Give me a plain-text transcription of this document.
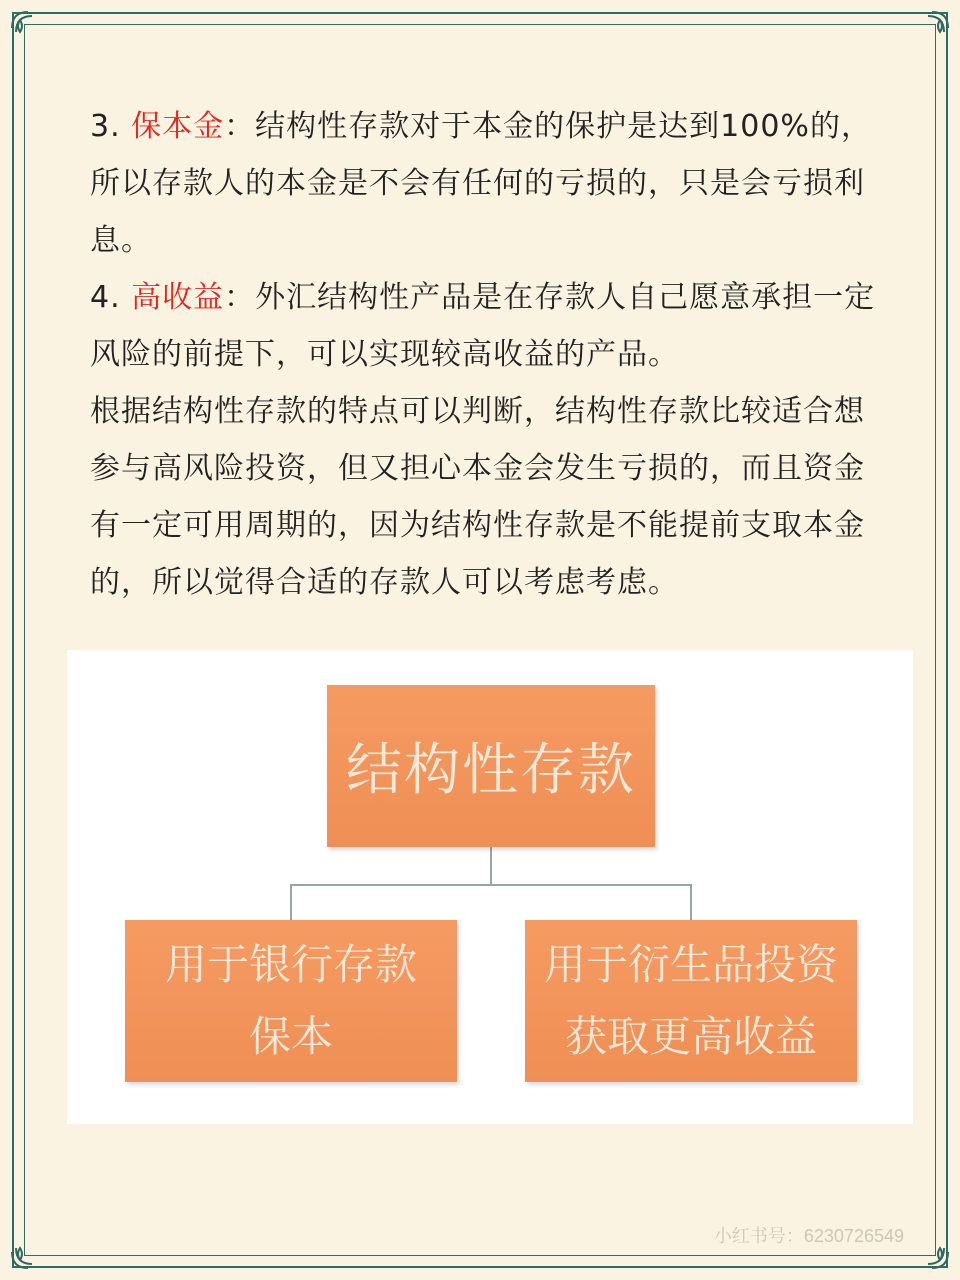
3. 保本金：结构性存款对于本金的保护是达到100%的，所以存款人的本金是不会有任何的亏损的，只是会亏损利息。

4. 高收益：外汇结构性产品是在存款人自己愿意承担一定风险的前提下，可以实现较高收益的产品。

根据结构性存款的特点可以判断，结构性存款比较适合想参与高风险投资，但又担心本金会发生亏损的，而且资金有一定可用周期的，因为结构性存款是不能提前支取本金的，所以觉得合适的存款人可以考虑考虑。

结构性存款
用于银行存款
保本
用于衍生品投资
获取更高收益
小红书号：6230726549
